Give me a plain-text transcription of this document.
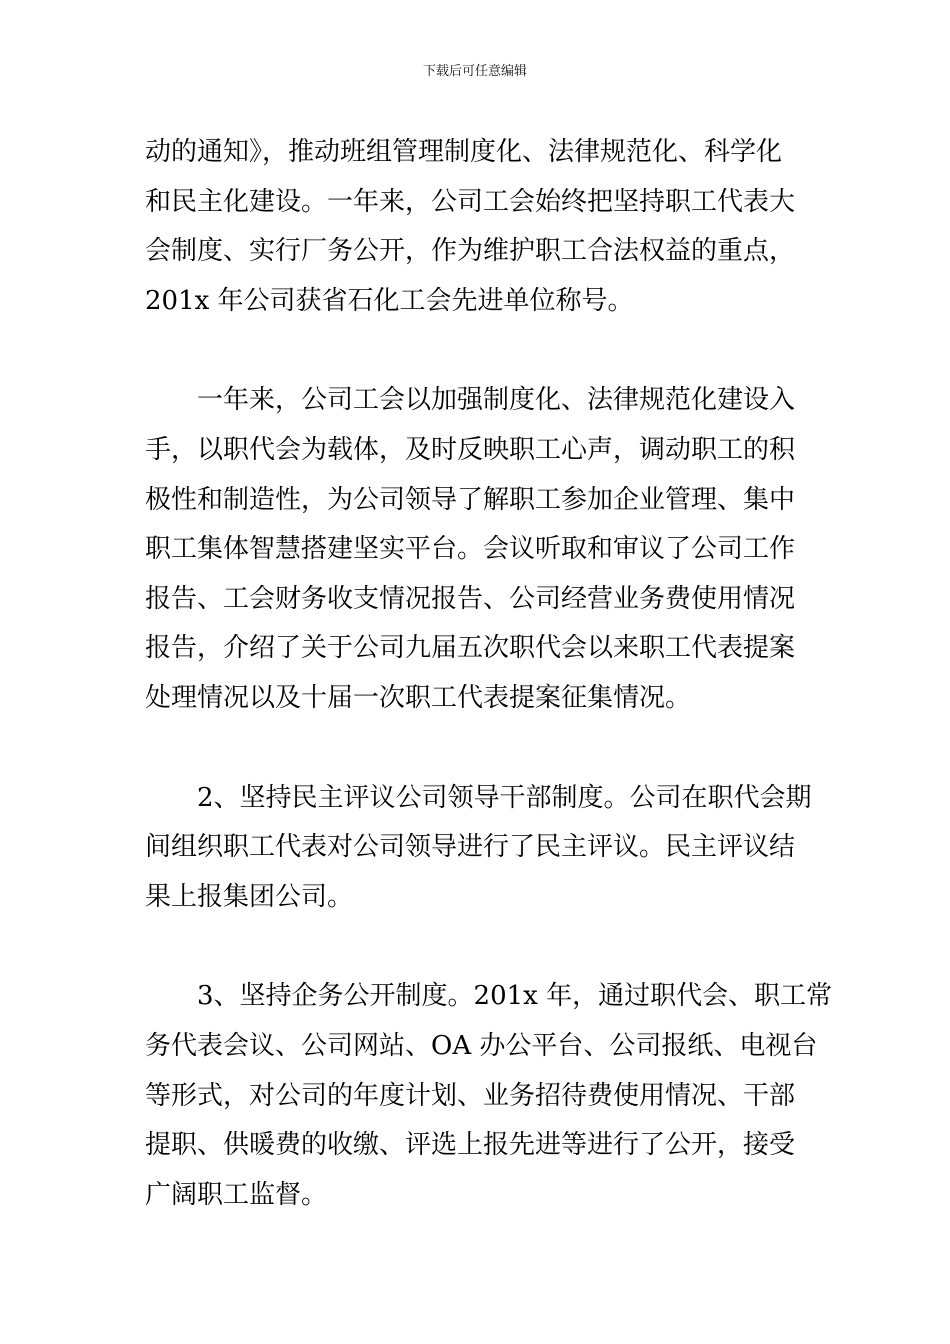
下载后可任意编辑
动的通知》，推动班组管理制度化、法律规范化、科学化
和民主化建设。一年来，公司工会始终把坚持职工代表大
会制度、实行厂务公开，作为维护职工合法权益的重点，
201x 年公司获省石化工会先进单位称号。
一年来，公司工会以加强制度化、法律规范化建设入
手，以职代会为载体，及时反映职工心声，调动职工的积
极性和制造性，为公司领导了解职工参加企业管理、集中
职工集体智慧搭建坚实平台。会议听取和审议了公司工作
报告、工会财务收支情况报告、公司经营业务费使用情况
报告，介绍了关于公司九届五次职代会以来职工代表提案
处理情况以及十届一次职工代表提案征集情况。
2、坚持民主评议公司领导干部制度。公司在职代会期
间组织职工代表对公司领导进行了民主评议。民主评议结
果上报集团公司。
3、坚持企务公开制度。201x 年，通过职代会、职工常
务代表会议、公司网站、OA 办公平台、公司报纸、电视台
等形式，对公司的年度计划、业务招待费使用情况、干部
提职、供暖费的收缴、评选上报先进等进行了公开，接受
广阔职工监督。
